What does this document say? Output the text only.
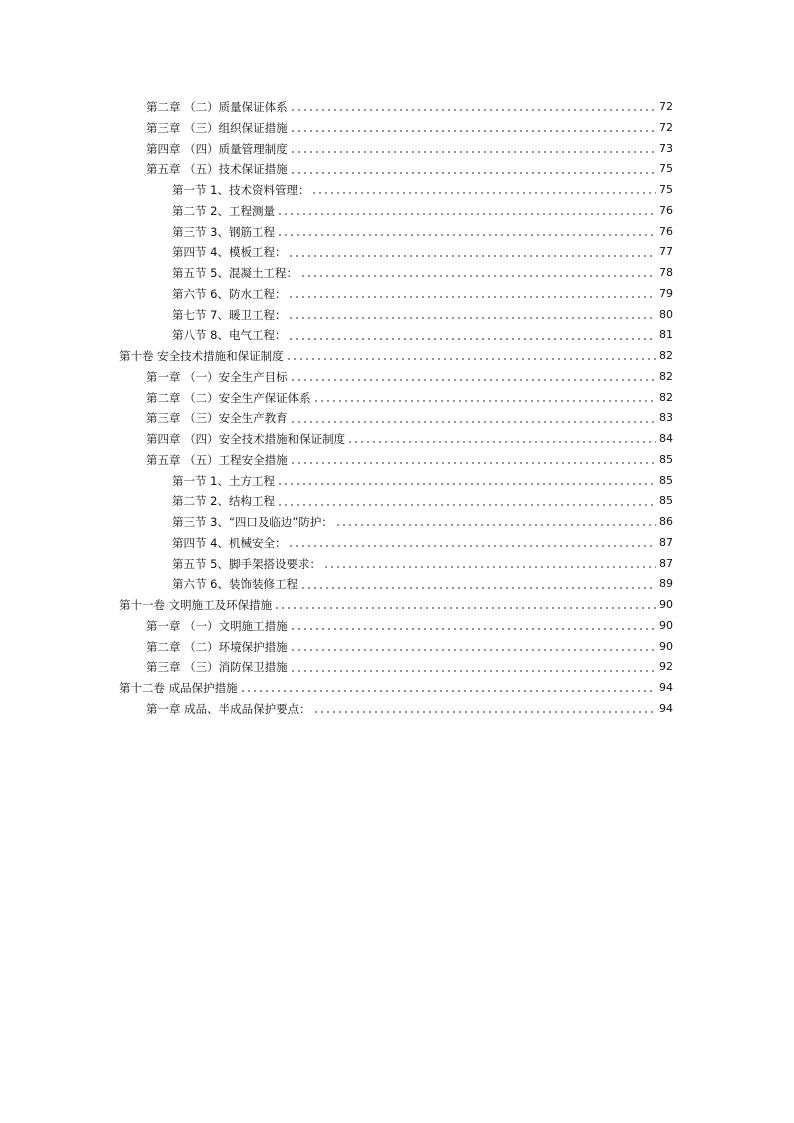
第二章 （二）质量保证体系	72
第三章 （三）组织保证措施	72
第四章 （四）质量管理制度	73
第五章 （五）技术保证措施	75
第一节 1、技术资料管理：	75
第二节 2、工程测量	76
第三节 3、钢筋工程	76
第四节 4、模板工程：	77
第五节 5、混凝土工程：	78
第六节 6、防水工程：	79
第七节 7、暖卫工程：	80
第八节 8、电气工程：	81
第十卷 安全技术措施和保证制度	82
第一章 （一）安全生产目标	82
第二章 （二）安全生产保证体系	82
第三章 （三）安全生产教育	83
第四章 （四）安全技术措施和保证制度	84
第五章 （五）工程安全措施	85
第一节 1、土方工程	85
第二节 2、结构工程	85
第三节 3、“四口及临边”防护：	86
第四节 4、机械安全：	87
第五节 5、脚手架搭设要求：	87
第六节 6、装饰装修工程	89
第十一卷 文明施工及环保措施	90
第一章 （一）文明施工措施	90
第二章 （二）环境保护措施	90
第三章 （三）消防保卫措施	92
第十二卷 成品保护措施	94
第一章 成品、半成品保护要点：	94
